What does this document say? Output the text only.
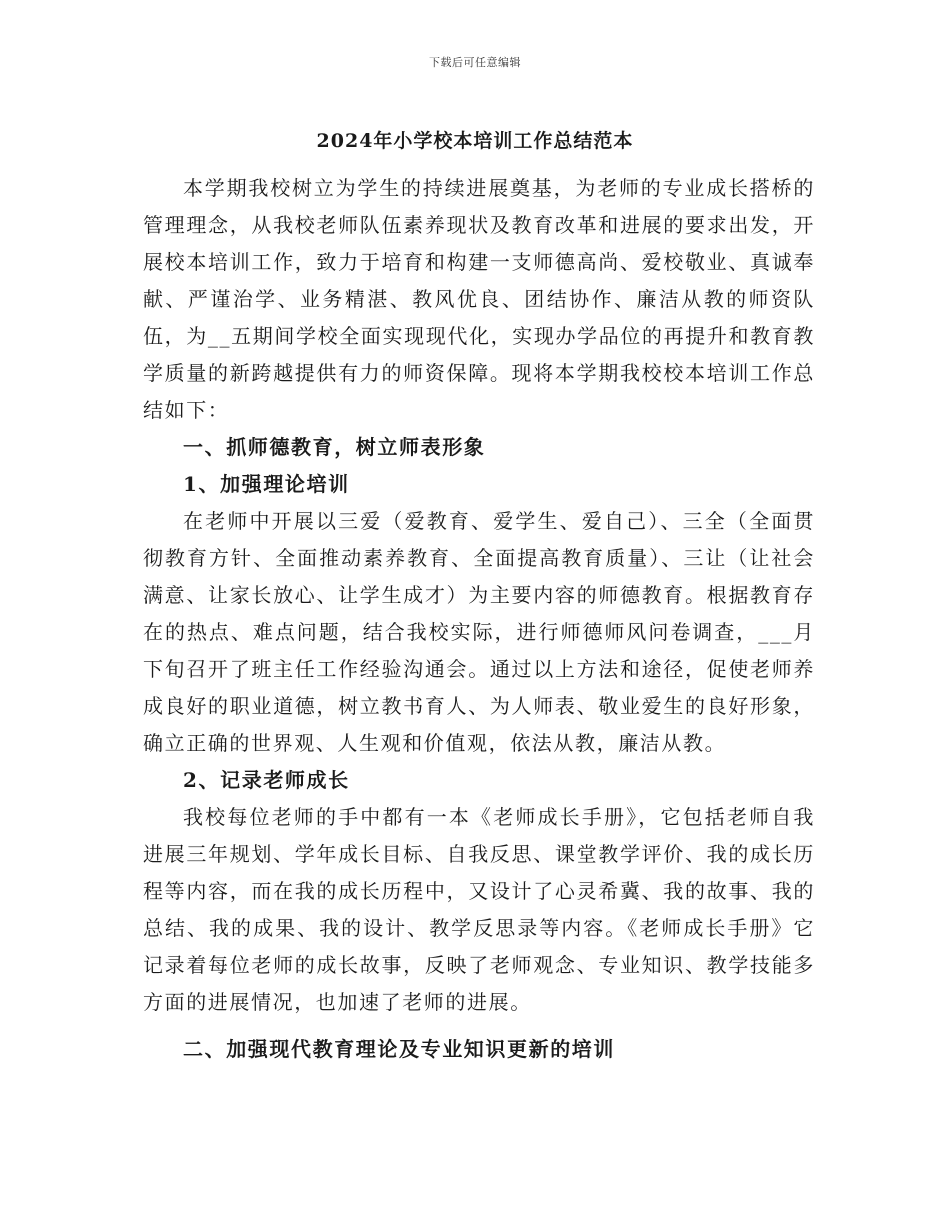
下载后可任意编辑
2024年小学校本培训工作总结范本

本学期我校树立为学生的持续进展奠基，为老师的专业成长搭桥的管理理念，从我校老师队伍素养现状及教育改革和进展的要求出发，开展校本培训工作，致力于培育和构建一支师德高尚、爱校敬业、真诚奉献、严谨治学、业务精湛、教风优良、团结协作、廉洁从教的师资队伍，为__五期间学校全面实现现代化，实现办学品位的再提升和教育教学质量的新跨越提供有力的师资保障。现将本学期我校校本培训工作总结如下：

一、抓师德教育，树立师表形象

1、加强理论培训

在老师中开展以三爱（爱教育、爱学生、爱自己）、三全（全面贯彻教育方针、全面推动素养教育、全面提高教育质量）、三让（让社会满意、让家长放心、让学生成才）为主要内容的师德教育。根据教育存在的热点、难点问题，结合我校实际，进行师德师风问卷调查，___月下旬召开了班主任工作经验沟通会。通过以上方法和途径，促使老师养成良好的职业道德，树立教书育人、为人师表、敬业爱生的良好形象，确立正确的世界观、人生观和价值观，依法从教，廉洁从教。

2、记录老师成长

我校每位老师的手中都有一本《老师成长手册》，它包括老师自我进展三年规划、学年成长目标、自我反思、课堂教学评价、我的成长历程等内容，而在我的成长历程中，又设计了心灵希冀、我的故事、我的总结、我的成果、我的设计、教学反思录等内容。《老师成长手册》它记录着每位老师的成长故事，反映了老师观念、专业知识、教学技能多方面的进展情况，也加速了老师的进展。

二、加强现代教育理论及专业知识更新的培训
